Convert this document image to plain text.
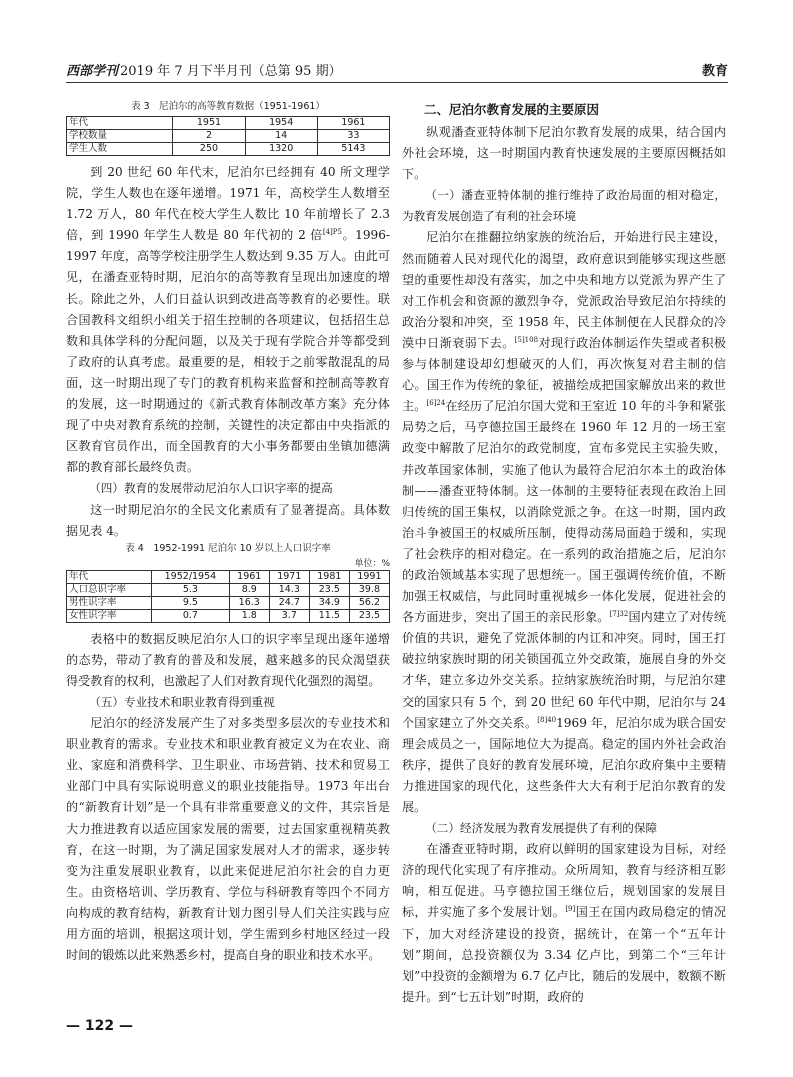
西部学刊 2019 年 7 月下半月刊（总第 95 期）	教育
表 3　尼泊尔的高等教育数据（1951-1961）
年代	1951	1954	1961
学校数量	2	14	33
学生人数	250	1320	5143

到 20 世纪 60 年代末，尼泊尔已经拥有 40 所文理学院，学生人数也在逐年递增。1971 年，高校学生人数增至 1.72 万人，80 年代在校大学生人数比 10 年前增长了 2.3 倍，到 1990 年学生人数是 80 年代初的 2 倍$^{[4]P5}$。1996-1997 年度，高等学校注册学生人数达到 9.35 万人。由此可见，在潘查亚特时期，尼泊尔的高等教育呈现出加速度的增长。除此之外，人们日益认识到改进高等教育的必要性。联合国教科文组织小组关于招生控制的各项建议，包括招生总数和具体学科的分配问题，以及关于现有学院合并等都受到了政府的认真考虑。最重要的是，相较于之前零散混乱的局面，这一时期出现了专门的教育机构来监督和控制高等教育的发展，这一时期通过的《新式教育体制改革方案》充分体现了中央对教育系统的控制，关键性的决定都由中央指派的区教育官员作出，而全国教育的大小事务都要由坐镇加德满都的教育部长最终负责。

（四）教育的发展带动尼泊尔人口识字率的提高

这一时期尼泊尔的全民文化素质有了显著提高。具体数据见表 4。

表 4　1952-1991 尼泊尔 10 岁以上人口识字率
单位：%
年代	1952/1954	1961	1971	1981	1991
人口总识字率	5.3	8.9	14.3	23.5	39.8
男性识字率	9.5	16.3	24.7	34.9	56.2
女性识字率	0.7	1.8	3.7	11.5	23.5

表格中的数据反映尼泊尔人口的识字率呈现出逐年递增的态势，带动了教育的普及和发展，越来越多的民众渴望获得受教育的权利，也激起了人们对教育现代化强烈的渴望。

（五）专业技术和职业教育得到重视

尼泊尔的经济发展产生了对多类型多层次的专业技术和职业教育的需求。专业技术和职业教育被定义为在农业、商业、家庭和消费科学、卫生职业、市场营销、技术和贸易工业部门中具有实际说明意义的职业技能指导。1973 年出台的“新教育计划”是一个具有非常重要意义的文件，其宗旨是大力推进教育以适应国家发展的需要，过去国家重视精英教育，在这一时期，为了满足国家发展对人才的需求，逐步转变为注重发展职业教育，以此来促进尼泊尔社会的自力更生。由资格培训、学历教育、学位与科研教育等四个不同方向构成的教育结构，新教育计划力图引导人们关注实践与应用方面的培训，根据这项计划，学生需到乡村地区经过一段时间的锻炼以此来熟悉乡村，提高自身的职业和技术水平。

二、尼泊尔教育发展的主要原因

纵观潘查亚特体制下尼泊尔教育发展的成果，结合国内外社会环境，这一时期国内教育快速发展的主要原因概括如下。

（一）潘查亚特体制的推行维持了政治局面的相对稳定，为教育发展创造了有利的社会环境

尼泊尔在推翻拉纳家族的统治后，开始进行民主建设，然而随着人民对现代化的渴望，政府意识到能够实现这些愿望的重要性却没有落实，加之中央和地方以党派为界产生了对工作机会和资源的激烈争夺，党派政治导致尼泊尔持续的政治分裂和冲突，至 1958 年，民主体制便在人民群众的冷漠中日渐衰弱下去。$^{[5]108}$对现行政治体制运作失望或者积极参与体制建设却幻想破灭的人们，再次恢复对君主制的信心。国王作为传统的象征，被描绘成把国家解放出来的救世主。$^{[6]24}$在经历了尼泊尔国大党和王室近 10 年的斗争和紧张局势之后，马亨德拉国王最终在 1960 年 12 月的一场王室政变中解散了尼泊尔的政党制度，宣布多党民主实验失败，并改革国家体制，实施了他认为最符合尼泊尔本土的政治体制——潘查亚特体制。这一体制的主要特征表现在政治上回归传统的国王集权，以消除党派之争。在这一时期，国内政治斗争被国王的权威所压制，使得动荡局面趋于缓和，实现了社会秩序的相对稳定。在一系列的政治措施之后，尼泊尔的政治领域基本实现了思想统一。国王强调传统价值，不断加强王权威信，与此同时重视城乡一体化发展，促进社会的各方面进步，突出了国王的亲民形象。$^{[7]32}$国内建立了对传统价值的共识，避免了党派体制的内讧和冲突。同时，国王打破拉纳家族时期的闭关锁国孤立外交政策，施展自身的外交才华，建立多边外交关系。拉纳家族统治时期，与尼泊尔建交的国家只有 5 个，到 20 世纪 60 年代中期，尼泊尔与 24 个国家建立了外交关系。$^{[8]40}$1969 年，尼泊尔成为联合国安理会成员之一，国际地位大为提高。稳定的国内外社会政治秩序，提供了良好的教育发展环境，尼泊尔政府集中主要精力推进国家的现代化，这些条件大大有利于尼泊尔教育的发展。

（二）经济发展为教育发展提供了有利的保障

在潘查亚特时期，政府以鲜明的国家建设为目标，对经济的现代化实现了有序推动。众所周知，教育与经济相互影响，相互促进。马亨德拉国王继位后，规划国家的发展目标，并实施了多个发展计划。[9]国王在国内政局稳定的情况下，加大对经济建设的投资，据统计，在第一个“五年计划”期间，总投资额仅为 3.34 亿卢比，到第二个“三年计划”中投资的金额增为 6.7 亿卢比，随后的发展中，数额不断提升。到“七五计划”时期，政府的

— 122 —
